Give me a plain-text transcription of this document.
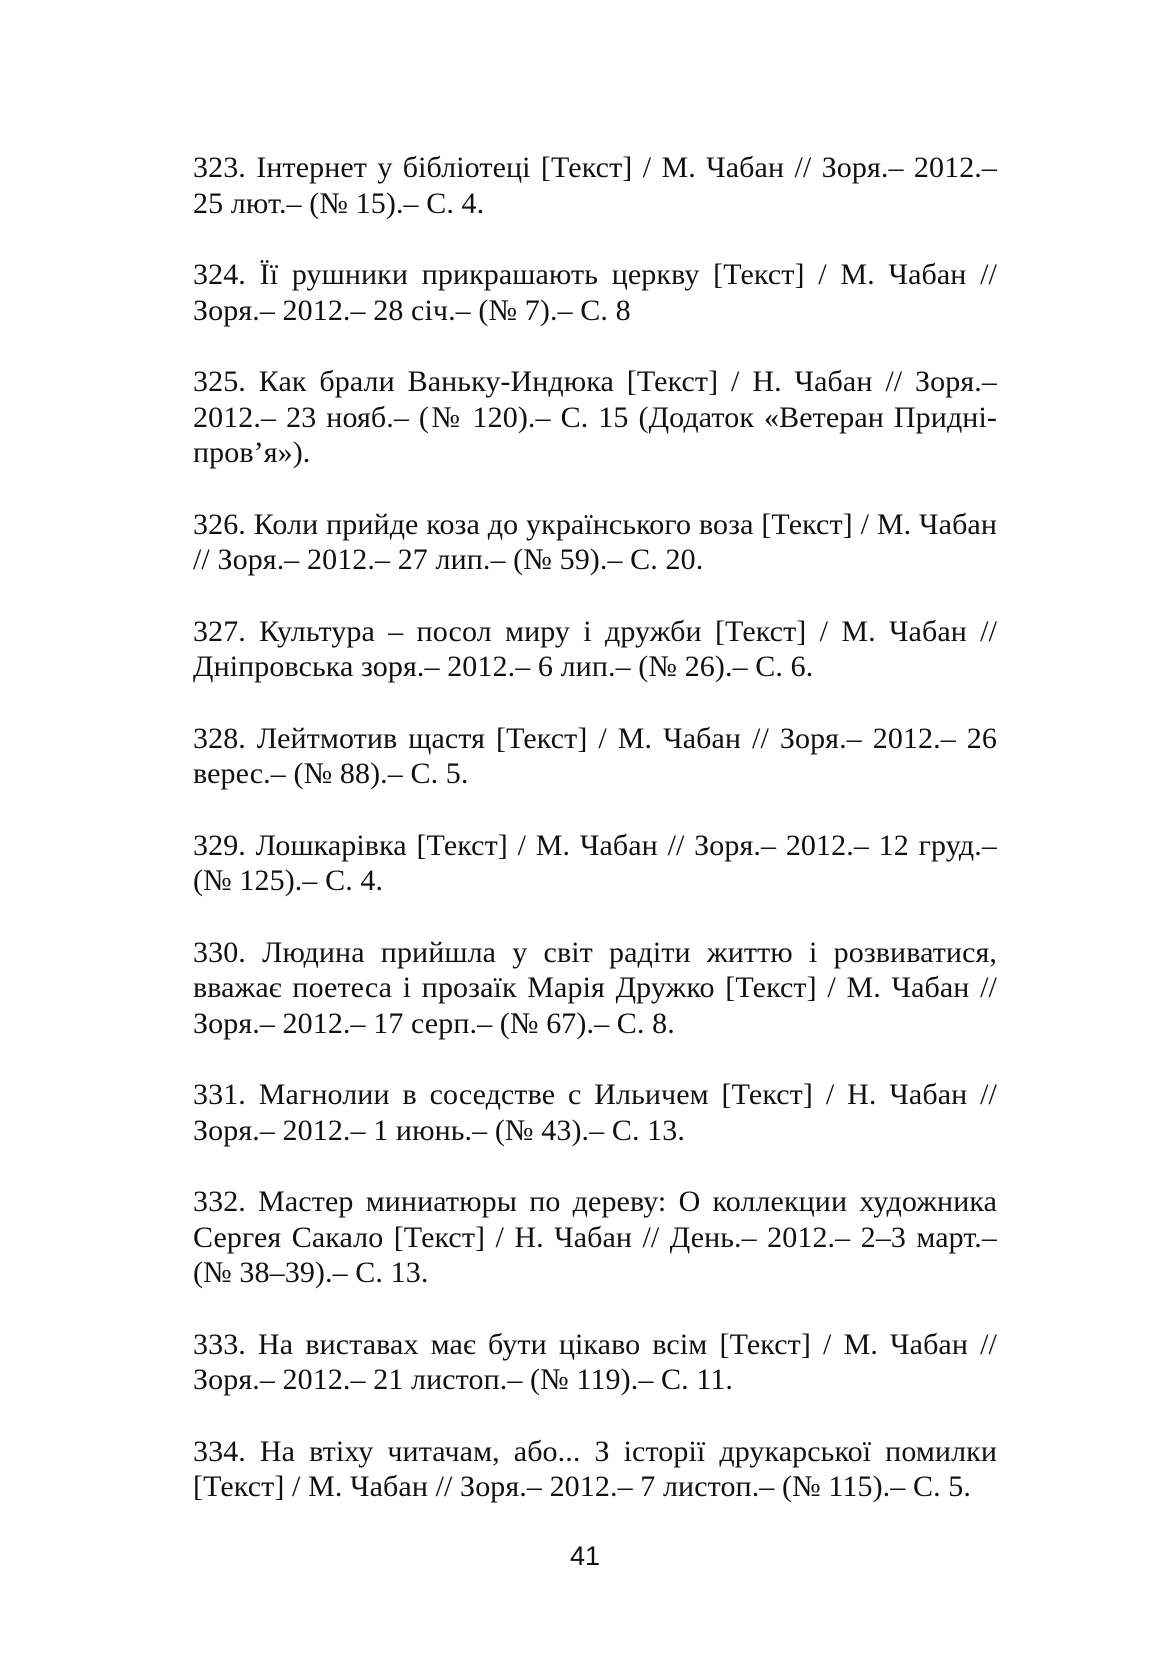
323. Інтернет у бібліотеці [Текст] / М. Чабан // Зоря.– 2012.– 25 лют.– (№ 15).– С. 4.

324. Її рушники прикрашають церкву [Текст] / М. Чабан // Зоря.– 2012.– 28 січ.– (№ 7).– С. 8

325. Как брали Ваньку-Индюка [Текст] / Н. Чабан // Зоря.– 2012.– 23 нояб.– (№ 120).– С. 15 (Додаток «Ветеран Придні-пров’я»).

326. Коли прийде коза до українського воза [Текст] / М. Чабан // Зоря.– 2012.– 27 лип.– (№ 59).– С. 20.

327. Культура – посол миру і дружби [Текст] / М. Чабан // Дніпровська зоря.– 2012.– 6 лип.– (№ 26).– С. 6.

328. Лейтмотив щастя [Текст] / М. Чабан // Зоря.– 2012.– 26 верес.– (№ 88).– С. 5.

329. Лошкарівка [Текст] / М. Чабан // Зоря.– 2012.– 12 груд.– (№ 125).– С. 4.

330. Людина прийшла у світ радіти життю і розвиватися, вважає поетеса і прозаїк Марія Дружко [Текст] / М. Чабан // Зоря.– 2012.– 17 серп.– (№ 67).– С. 8.

331. Магнолии в соседстве с Ильичем [Текст] / Н. Чабан // Зоря.– 2012.– 1 июнь.– (№ 43).– С. 13.

332. Мастер миниатюры по дереву: О коллекции художника Сергея Сакало [Текст] / Н. Чабан // День.– 2012.– 2–3 март.– (№ 38–39).– С. 13.

333. На виставах має бути цікаво всім [Текст] / М. Чабан // Зоря.– 2012.– 21 листоп.– (№ 119).– С. 11.

334. На втіху читачам, або... З історії друкарської помилки [Текст] / М. Чабан // Зоря.– 2012.– 7 листоп.– (№ 115).– С. 5.

41
